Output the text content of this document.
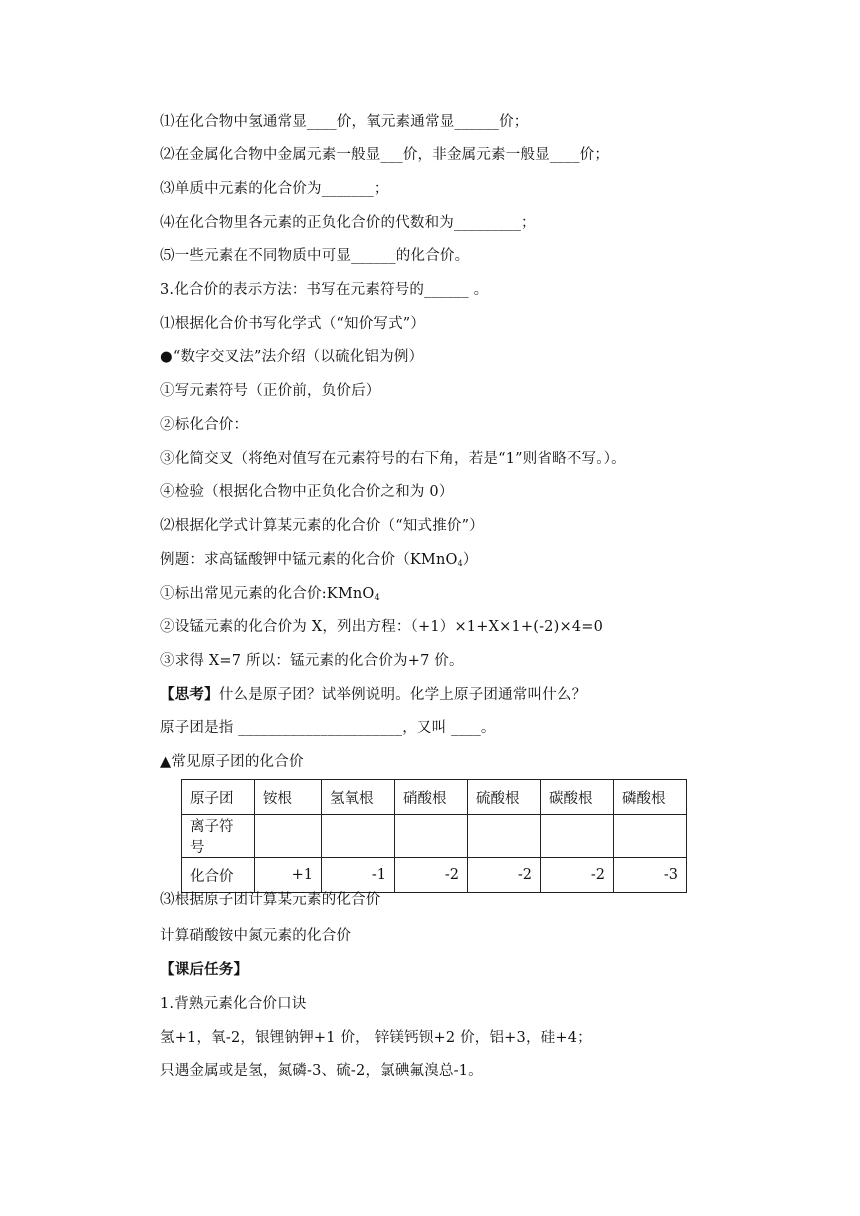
⑴在化合物中氢通常显____价，氧元素通常显______价；
⑵在金属化合物中金属元素一般显___价，非金属元素一般显____价；
⑶单质中元素的化合价为_______；
⑷在化合物里各元素的正负化合价的代数和为_________；
⑸一些元素在不同物质中可显______的化合价。
3.化合价的表示方法：书写在元素符号的______ 。
⑴根据化合价书写化学式（“知价写式”）
●“数字交叉法”法介绍（以硫化铝为例）
①写元素符号（正价前，负价后）
②标化合价：
③化简交叉（将绝对值写在元素符号的右下角，若是“1”则省略不写。）。
④检验（根据化合物中正负化合价之和为 0）
⑵根据化学式计算某元素的化合价（“知式推价”）
例题：求高锰酸钾中锰元素的化合价（KMnO$_4$）
①标出常见元素的化合价:KMnO$_4$
②设锰元素的化合价为 X，列出方程：（+1）×1+X×1+(-2)×4=0
③求得 X=7 所以：锰元素的化合价为+7 价。
【思考】什么是原子团？试举例说明。化学上原子团通常叫什么？
原子团是指 ______________________，又叫 ____。
▲常见原子团的化合价
原子团	铵根	氢氧根	硝酸根	硫酸根	碳酸根	磷酸根
离子符号						
化合价	+1	-1	-2	-2	-2	-3
⑶根据原子团计算某元素的化合价
计算硝酸铵中氮元素的化合价
【课后任务】
1.背熟元素化合价口诀
氢+1，氧-2，银锂钠钾+1 价， 锌镁钙钡+2 价，铝+3，硅+4；
只遇金属或是氢，氮磷-3、硫-2，氯碘氟溴总-1。
